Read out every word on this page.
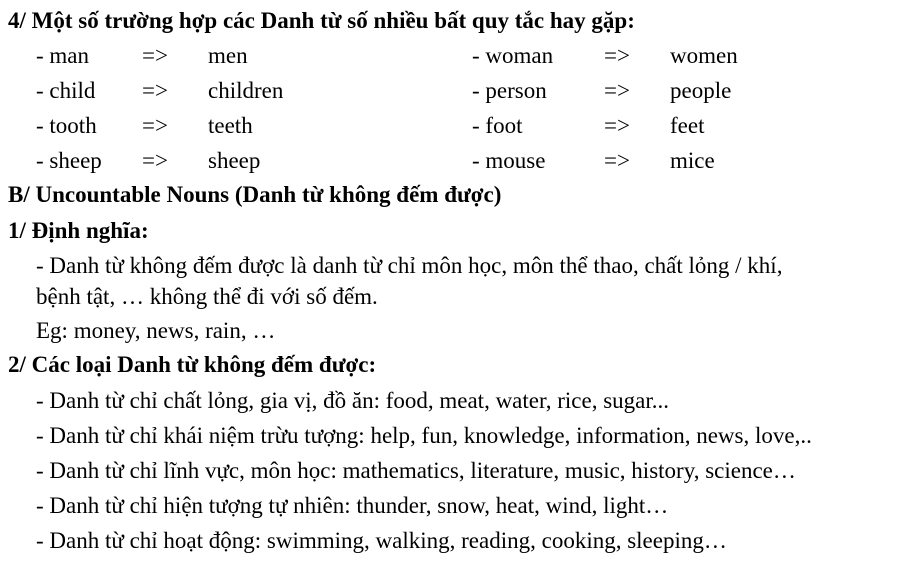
4/ Một số trường hợp các Danh từ số nhiều bất quy tắc hay gặp:
- man => men	- woman => women
- child => children	- person => people
- tooth => teeth	- foot	=> feet
- sheep => sheep	- mouse	=> mice
B/ Uncountable Nouns (Danh từ không đếm được)
1/ Định nghĩa:
- Danh từ không đếm được là danh từ chỉ môn học, môn thể thao, chất lỏng / khí,
bệnh tật, … không thể đi với số đếm.
Eg: money, news, rain, …
2/ Các loại Danh từ không đếm được:
- Danh từ chỉ chất lỏng, gia vị, đồ ăn: food, meat, water, rice, sugar...
- Danh từ chỉ khái niệm trừu tượng: help, fun, knowledge, information, news, love,..
- Danh từ chỉ lĩnh vực, môn học: mathematics, literature, music, history, science…
- Danh từ chỉ hiện tượng tự nhiên: thunder, snow, heat, wind, light…
- Danh từ chỉ hoạt động: swimming, walking, reading, cooking, sleeping…
